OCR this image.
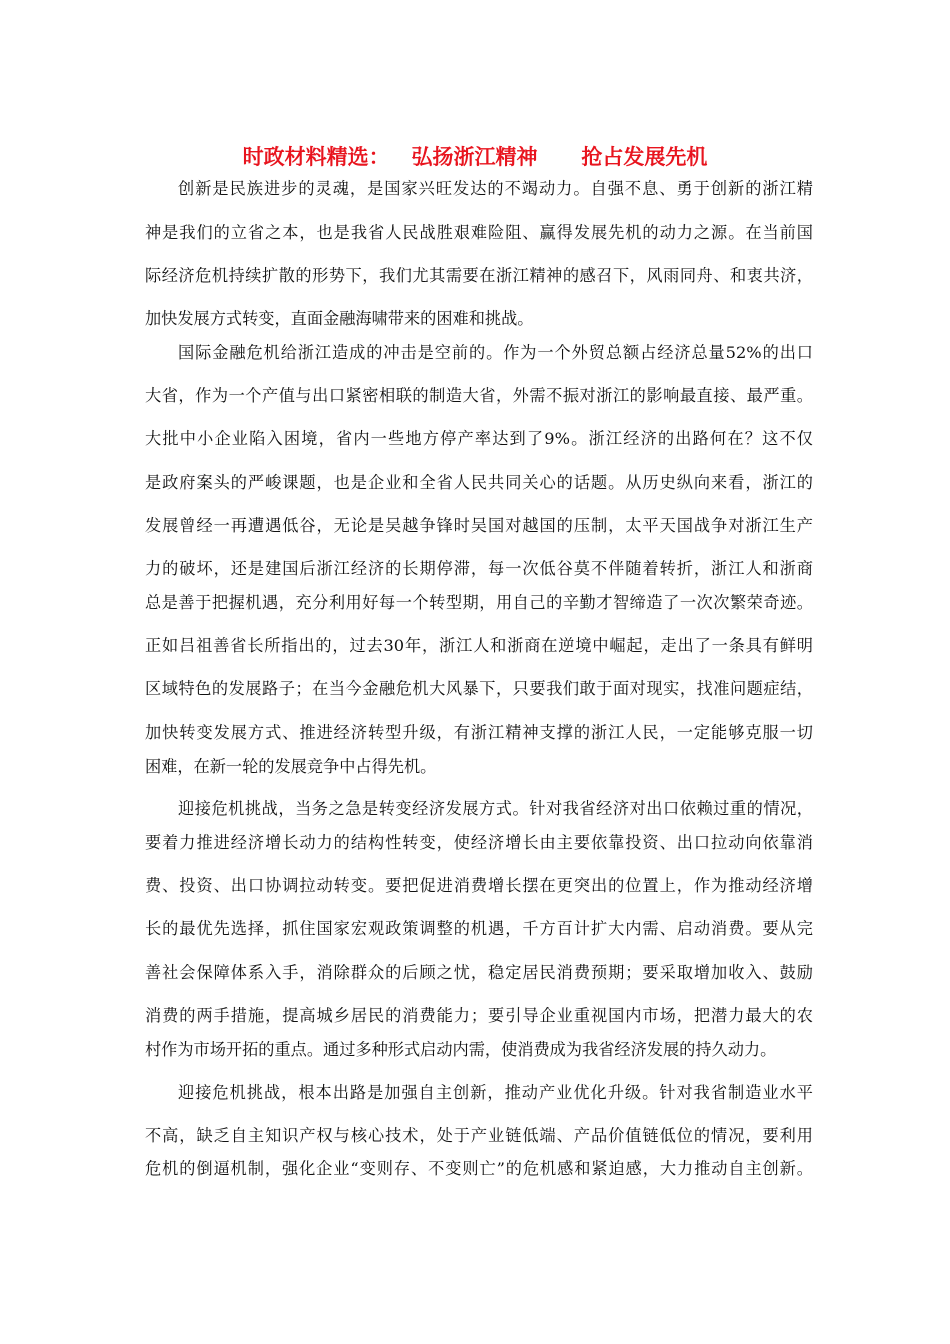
时政材料精选：   弘扬浙江精神      抢占发展先机
创新是民族进步的灵魂，是国家兴旺发达的不竭动力。自强不息、勇于创新的浙江精
神是我们的立省之本，也是我省人民战胜艰难险阻、赢得发展先机的动力之源。在当前国
际经济危机持续扩散的形势下，我们尤其需要在浙江精神的感召下，风雨同舟、和衷共济，
加快发展方式转变，直面金融海啸带来的困难和挑战。
国际金融危机给浙江造成的冲击是空前的。作为一个外贸总额占经济总量52%的出口
大省，作为一个产值与出口紧密相联的制造大省，外需不振对浙江的影响最直接、最严重。
大批中小企业陷入困境，省内一些地方停产率达到了9%。浙江经济的出路何在？这不仅
是政府案头的严峻课题，也是企业和全省人民共同关心的话题。从历史纵向来看，浙江的
发展曾经一再遭遇低谷，无论是吴越争锋时吴国对越国的压制，太平天国战争对浙江生产
力的破坏，还是建国后浙江经济的长期停滞，每一次低谷莫不伴随着转折，浙江人和浙商
总是善于把握机遇，充分利用好每一个转型期，用自己的辛勤才智缔造了一次次繁荣奇迹。
正如吕祖善省长所指出的，过去30年，浙江人和浙商在逆境中崛起，走出了一条具有鲜明
区域特色的发展路子；在当今金融危机大风暴下，只要我们敢于面对现实，找准问题症结，
加快转变发展方式、推进经济转型升级，有浙江精神支撑的浙江人民，一定能够克服一切
困难，在新一轮的发展竞争中占得先机。
迎接危机挑战，当务之急是转变经济发展方式。针对我省经济对出口依赖过重的情况，
要着力推进经济增长动力的结构性转变，使经济增长由主要依靠投资、出口拉动向依靠消
费、投资、出口协调拉动转变。要把促进消费增长摆在更突出的位置上，作为推动经济增
长的最优先选择，抓住国家宏观政策调整的机遇，千方百计扩大内需、启动消费。要从完
善社会保障体系入手，消除群众的后顾之忧，稳定居民消费预期；要采取增加收入、鼓励
消费的两手措施，提高城乡居民的消费能力；要引导企业重视国内市场，把潜力最大的农
村作为市场开拓的重点。通过多种形式启动内需，使消费成为我省经济发展的持久动力。
迎接危机挑战，根本出路是加强自主创新，推动产业优化升级。针对我省制造业水平
不高，缺乏自主知识产权与核心技术，处于产业链低端、产品价值链低位的情况，要利用
危机的倒逼机制，强化企业“变则存、不变则亡”的危机感和紧迫感，大力推动自主创新。
